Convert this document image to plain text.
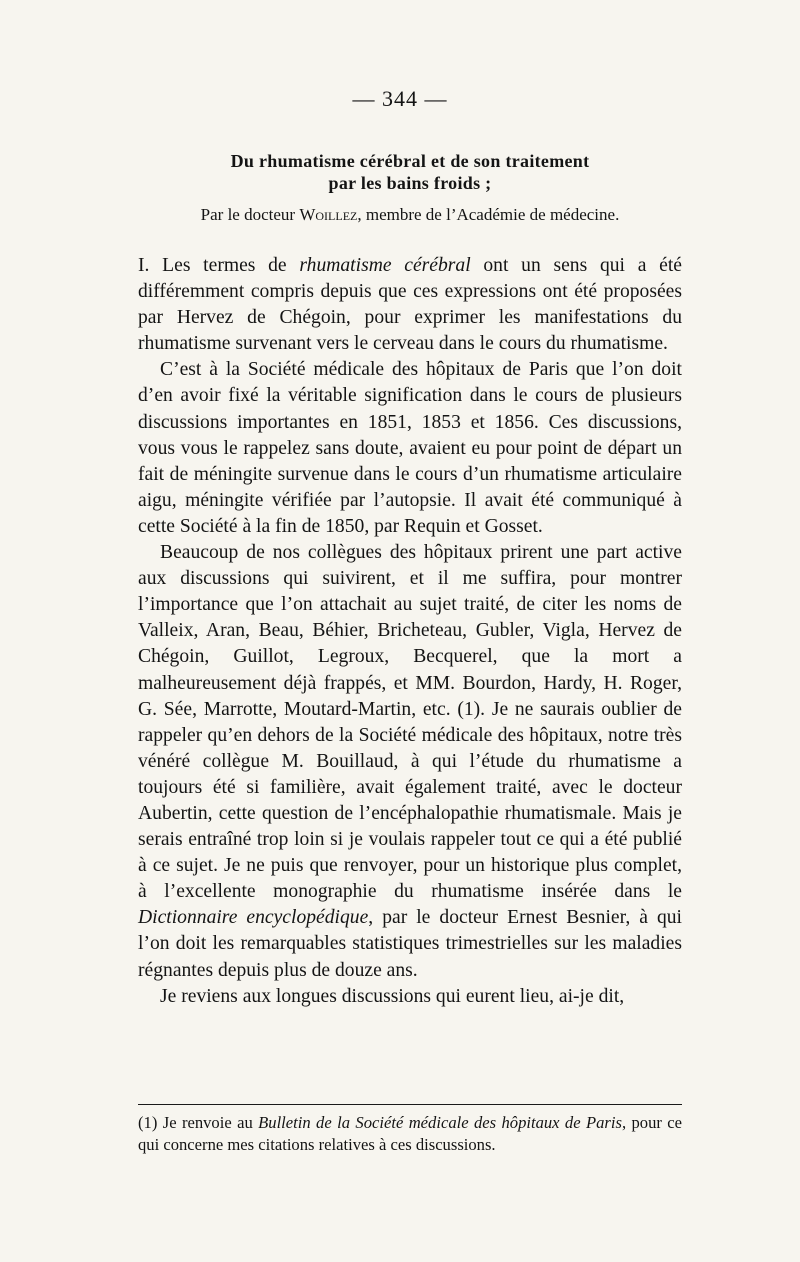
— 344 —
Du rhumatisme cérébral et de son traitement
par les bains froids ;
Par le docteur Woillez, membre de l’Académie de médecine.

I. Les termes de rhumatisme cérébral ont un sens qui a été différemment compris depuis que ces expressions ont été proposées par Hervez de Chégoin, pour exprimer les manifestations du rhumatisme survenant vers le cerveau dans le cours du rhumatisme.

C’est à la Société médicale des hôpitaux de Paris que l’on doit d’en avoir fixé la véritable signification dans le cours de plusieurs discussions importantes en 1851, 1853 et 1856. Ces discussions, vous vous le rappelez sans doute, avaient eu pour point de départ un fait de méningite survenue dans le cours d’un rhumatisme articulaire aigu, méningite vérifiée par l’autopsie. Il avait été communiqué à cette Société à la fin de 1850, par Requin et Gosset.

Beaucoup de nos collègues des hôpitaux prirent une part active aux discussions qui suivirent, et il me suffira, pour montrer l’importance que l’on attachait au sujet traité, de citer les noms de Valleix, Aran, Beau, Béhier, Bricheteau, Gubler, Vigla, Hervez de Chégoin, Guillot, Legroux, Becquerel, que la mort a malheureusement déjà frappés, et MM. Bourdon, Hardy, H. Roger, G. Sée, Marrotte, Moutard-Martin, etc. (1). Je ne saurais oublier de rappeler qu’en dehors de la Société médicale des hôpitaux, notre très vénéré collègue M. Bouillaud, à qui l’étude du rhumatisme a toujours été si familière, avait également traité, avec le docteur Aubertin, cette question de l’encéphalopathie rhumatismale. Mais je serais entraîné trop loin si je voulais rappeler tout ce qui a été publié à ce sujet. Je ne puis que renvoyer, pour un historique plus complet, à l’excellente monographie du rhumatisme insérée dans le Dictionnaire encyclopédique, par le docteur Ernest Besnier, à qui l’on doit les remarquables statistiques trimestrielles sur les maladies régnantes depuis plus de douze ans.

Je reviens aux longues discussions qui eurent lieu, ai-je dit,

(1) Je renvoie au Bulletin de la Société médicale des hôpitaux de Paris, pour ce qui concerne mes citations relatives à ces discussions.
